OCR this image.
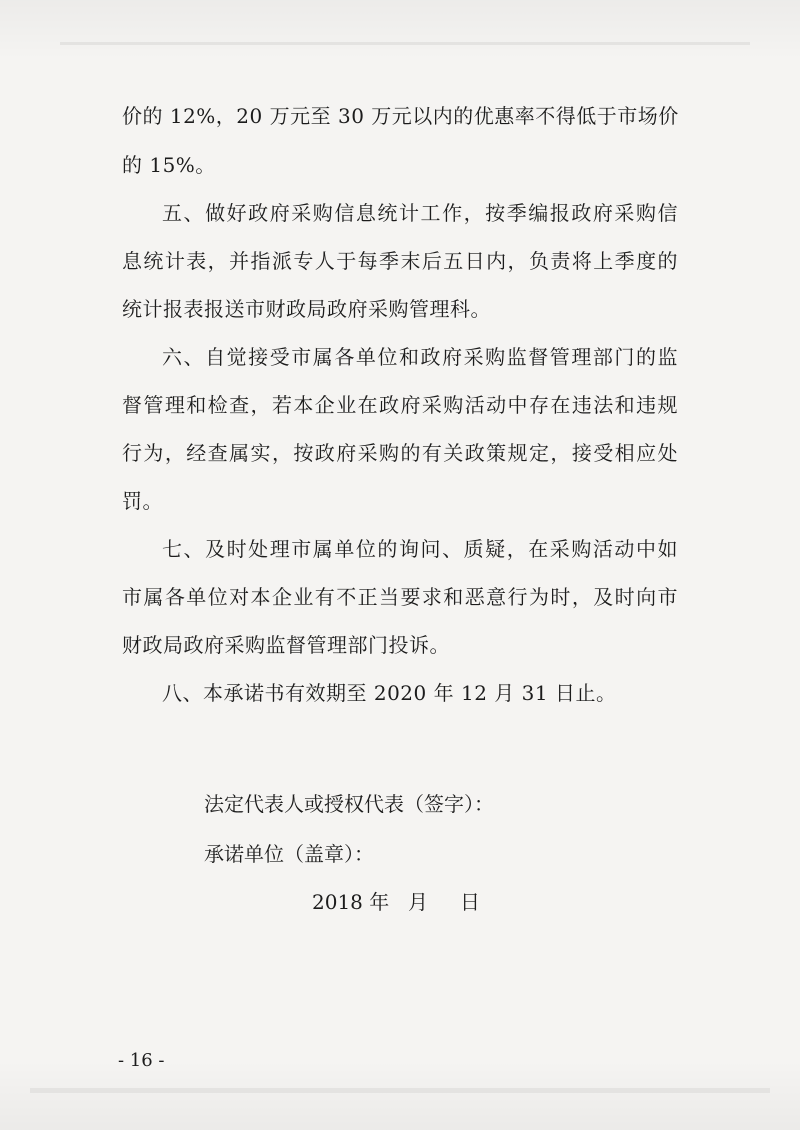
价的 12%，20 万元至 30 万元以内的优惠率不得低于市场价
的 15%。
五、做好政府采购信息统计工作，按季编报政府采购信
息统计表，并指派专人于每季末后五日内，负责将上季度的
统计报表报送市财政局政府采购管理科。
六、自觉接受市属各单位和政府采购监督管理部门的监
督管理和检查，若本企业在政府采购活动中存在违法和违规
行为，经查属实，按政府采购的有关政策规定，接受相应处
罚。
七、及时处理市属单位的询问、质疑，在采购活动中如
市属各单位对本企业有不正当要求和恶意行为时，及时向市
财政局政府采购监督管理部门投诉。
八、本承诺书有效期至 2020 年 12 月 31 日止。
法定代表人或授权代表（签字）：
承诺单位（盖章）：
2018 年 月 日
- 16 -
